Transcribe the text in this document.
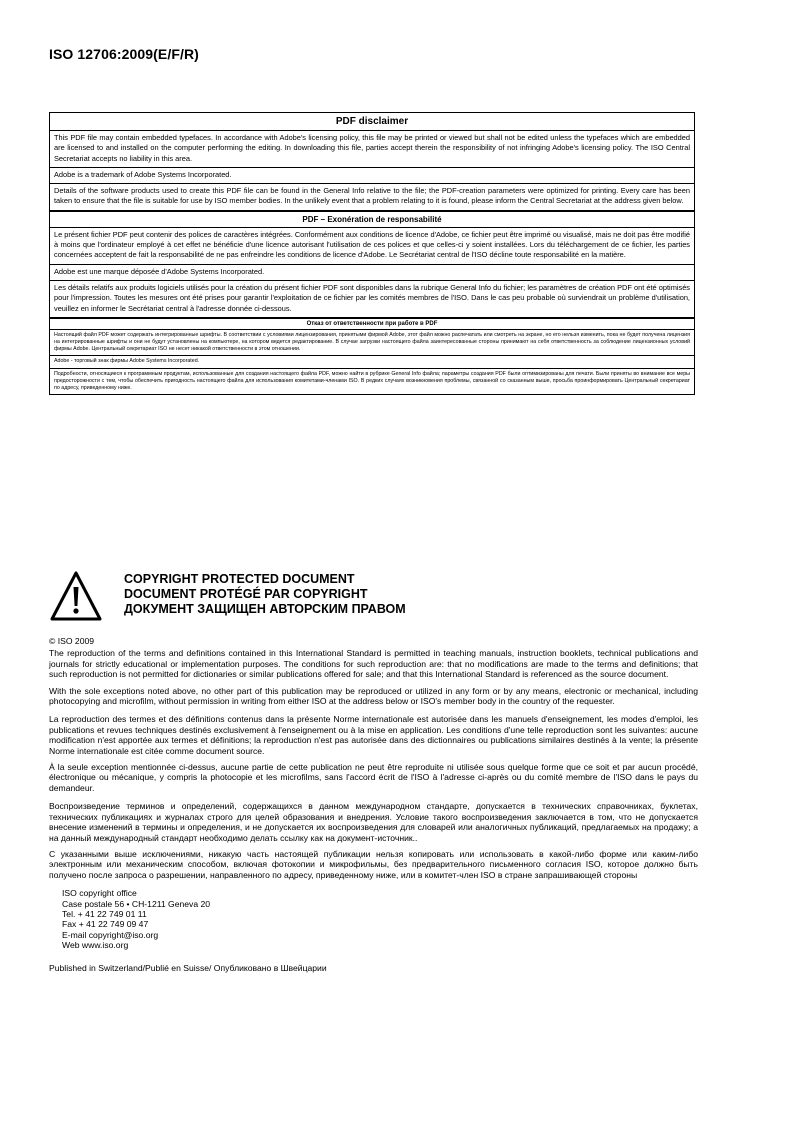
ISO 12706:2009(E/F/R)
PDF disclaimer
This PDF file may contain embedded typefaces. In accordance with Adobe's licensing policy, this file may be printed or viewed but shall not be edited unless the typefaces which are embedded are licensed to and installed on the computer performing the editing. In downloading this file, parties accept therein the responsibility of not infringing Adobe's licensing policy. The ISO Central Secretariat accepts no liability in this area.
Adobe is a trademark of Adobe Systems Incorporated.
Details of the software products used to create this PDF file can be found in the General Info relative to the file; the PDF-creation parameters were optimized for printing. Every care has been taken to ensure that the file is suitable for use by ISO member bodies. In the unlikely event that a problem relating to it is found, please inform the Central Secretariat at the address given below.
PDF – Exonération de responsabilité
Le présent fichier PDF peut contenir des polices de caractères intégrées. Conformément aux conditions de licence d'Adobe, ce fichier peut être imprimé ou visualisé, mais ne doit pas être modifié à moins que l'ordinateur employé à cet effet ne bénéficie d'une licence autorisant l'utilisation de ces polices et que celles-ci y soient installées. Lors du téléchargement de ce fichier, les parties concernées acceptent de fait la responsabilité de ne pas enfreindre les conditions de licence d'Adobe. Le Secrétariat central de l'ISO décline toute responsabilité en la matière.
Adobe est une marque déposée d'Adobe Systems Incorporated.
Les détails relatifs aux produits logiciels utilisés pour la création du présent fichier PDF sont disponibles dans la rubrique General Info du fichier; les paramètres de création PDF ont été optimisés pour l'impression. Toutes les mesures ont été prises pour garantir l'exploitation de ce fichier par les comités membres de l'ISO. Dans le cas peu probable où surviendrait un problème d'utilisation, veuillez en informer le Secrétariat central à l'adresse donnée ci-dessous.
Отказ от ответственности при работе в PDF
Настоящий файл PDF может содержать интегрированные шрифты. В соответствии с условиями лицензирования, принятыми фирмой Adobe, этот файл можно распечатать или смотреть на экране, но его нельзя изменить, пока не будет получена лицензия на интегрированные шрифты и они не будут установлены на компьютере, на котором ведется редактирование. В случае загрузки настоящего файла заинтересованные стороны принимают на себя ответственность за соблюдение лицензионных условий фирмы Adobe. Центральный секретариат ISO не несет никакой ответственности в этом отношении.
Adobe - торговый знак фирмы Adobe Systems Incorporated.
Подробности, относящиеся к программным продуктам, использованные для создания настоящего файла PDF, можно найти в рубрике General Info файла; параметры создания PDF были оптимизированы для печати. Были приняты во внимание все меры предосторожности с тем, чтобы обеспечить пригодность настоящего файла для использования комитетами-членами ISO. В редких случаях возникновения проблемы, связанной со сказанным выше, просьба проинформировать Центральный секретариат по адресу, приведенному ниже.
COPYRIGHT PROTECTED DOCUMENT
DOCUMENT PROTÉGÉ PAR COPYRIGHT
ДОКУМЕНТ ЗАЩИЩЕН АВТОРСКИМ ПРАВОМ

© ISO 2009

The reproduction of the terms and definitions contained in this International Standard is permitted in teaching manuals, instruction booklets, technical publications and journals for strictly educational or implementation purposes. The conditions for such reproduction are: that no modifications are made to the terms and definitions; that such reproduction is not permitted for dictionaries or similar publications offered for sale; and that this International Standard is referenced as the source document.

With the sole exceptions noted above, no other part of this publication may be reproduced or utilized in any form or by any means, electronic or mechanical, including photocopying and microfilm, without permission in writing from either ISO at the address below or ISO's member body in the country of the requester.

La reproduction des termes et des définitions contenus dans la présente Norme internationale est autorisée dans les manuels d'enseignement, les modes d'emploi, les publications et revues techniques destinés exclusivement à l'enseignement ou à la mise en application. Les conditions d'une telle reproduction sont les suivantes: aucune modification n'est apportée aux termes et définitions; la reproduction n'est pas autorisée dans des dictionnaires ou publications similaires destinés à la vente; la présente Norme internationale est citée comme document source.

À la seule exception mentionnée ci-dessus, aucune partie de cette publication ne peut être reproduite ni utilisée sous quelque forme que ce soit et par aucun procédé, électronique ou mécanique, y compris la photocopie et les microfilms, sans l'accord écrit de l'ISO à l'adresse ci-après ou du comité membre de l'ISO dans le pays du demandeur.

Воспроизведение терминов и определений, содержащихся в данном международном стандарте, допускается в технических справочниках, буклетах, технических публикациях и журналах строго для целей образования и внедрения. Условие такого воспроизведения заключается в том, что не допускается внесение изменений в термины и определения, и не допускается их воспроизведения для словарей или аналогичных публикаций, предлагаемых на продажу; а на данный международный стандарт необходимо делать ссылку как на документ-источник..

С указанными выше исключениями, никакую часть настоящей публикации нельзя копировать или использовать в какой-либо форме или каким-либо электронным или механическим способом, включая фотокопии и микрофильмы, без предварительного письменного согласия ISO, которое должно быть получено после запроса о разрешении, направленного по адресу, приведенному ниже, или в комитет-член ISO в стране запрашивающей стороны

ISO copyright office
Case postale 56 • CH-1211 Geneva 20
Tel. + 41 22 749 01 11
Fax + 41 22 749 09 47
E-mail copyright@iso.org
Web www.iso.org
Published in Switzerland/Publié en Suisse/ Опубликовано в Швейцарии
